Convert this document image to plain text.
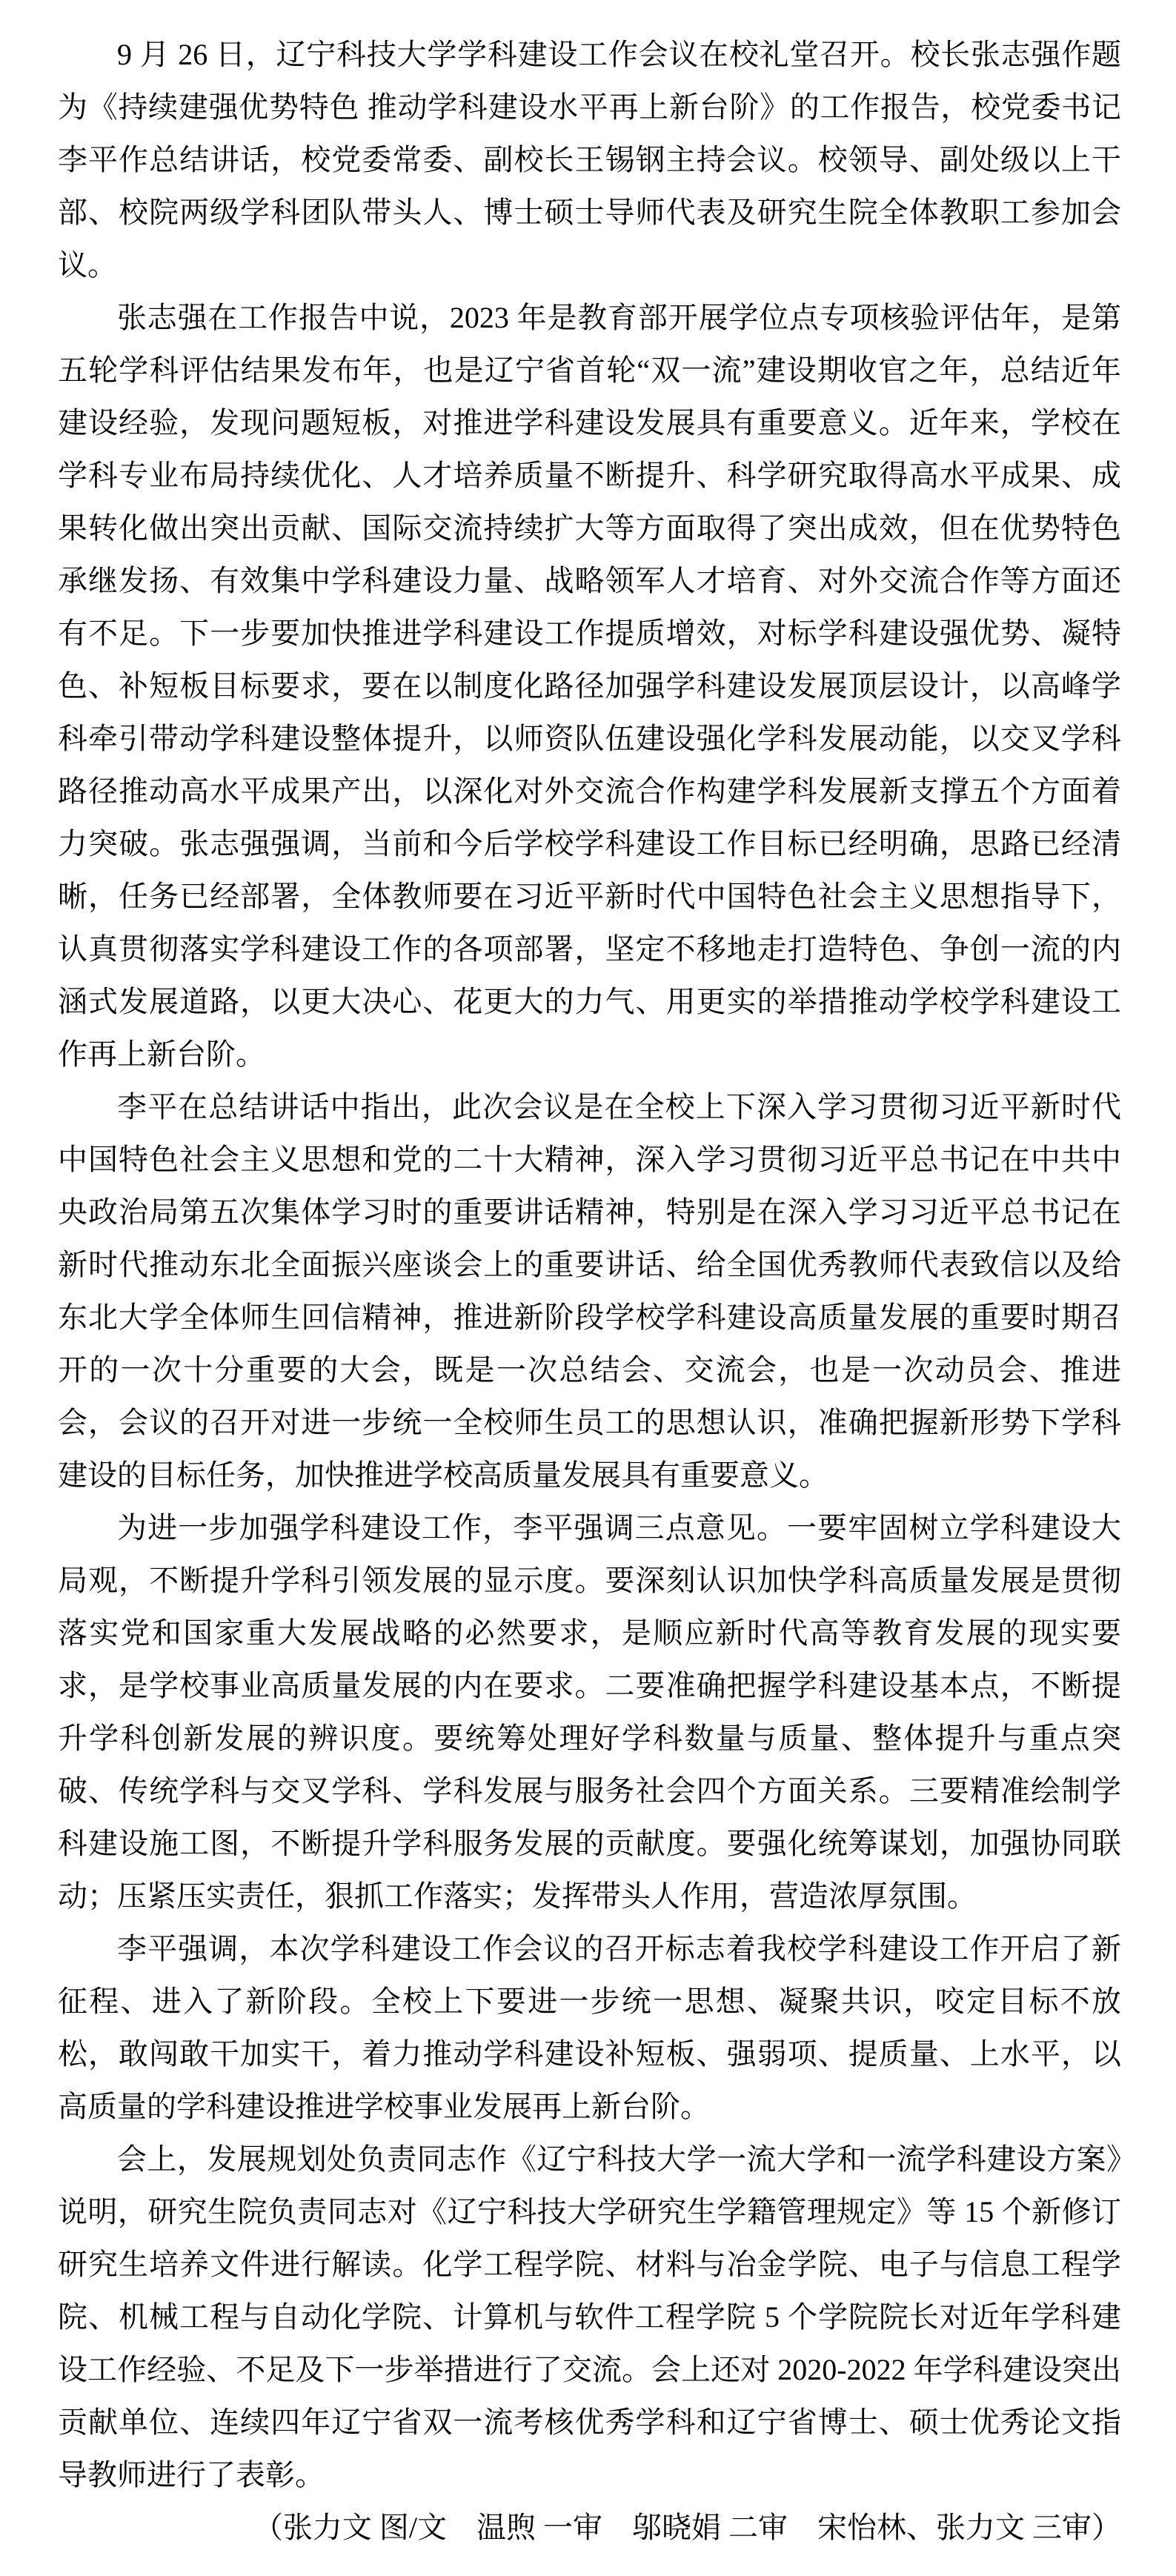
9 月 26 日，辽宁科技大学学科建设工作会议在校礼堂召开。校长张志强作题为《持续建强优势特色 推动学科建设水平再上新台阶》的工作报告，校党委书记李平作总结讲话，校党委常委、副校长王锡钢主持会议。校领导、副处级以上干部、校院两级学科团队带头人、博士硕士导师代表及研究生院全体教职工参加会议。

张志强在工作报告中说，2023 年是教育部开展学位点专项核验评估年，是第五轮学科评估结果发布年，也是辽宁省首轮“双一流”建设期收官之年，总结近年建设经验，发现问题短板，对推进学科建设发展具有重要意义。近年来，学校在学科专业布局持续优化、人才培养质量不断提升、科学研究取得高水平成果、成果转化做出突出贡献、国际交流持续扩大等方面取得了突出成效，但在优势特色承继发扬、有效集中学科建设力量、战略领军人才培育、对外交流合作等方面还有不足。下一步要加快推进学科建设工作提质增效，对标学科建设强优势、凝特色、补短板目标要求，要在以制度化路径加强学科建设发展顶层设计，以高峰学科牵引带动学科建设整体提升，以师资队伍建设强化学科发展动能，以交叉学科路径推动高水平成果产出，以深化对外交流合作构建学科发展新支撑五个方面着力突破。张志强强调，当前和今后学校学科建设工作目标已经明确，思路已经清晰，任务已经部署，全体教师要在习近平新时代中国特色社会主义思想指导下，认真贯彻落实学科建设工作的各项部署，坚定不移地走打造特色、争创一流的内涵式发展道路，以更大决心、花更大的力气、用更实的举措推动学校学科建设工作再上新台阶。

李平在总结讲话中指出，此次会议是在全校上下深入学习贯彻习近平新时代中国特色社会主义思想和党的二十大精神，深入学习贯彻习近平总书记在中共中央政治局第五次集体学习时的重要讲话精神，特别是在深入学习习近平总书记在新时代推动东北全面振兴座谈会上的重要讲话、给全国优秀教师代表致信以及给东北大学全体师生回信精神，推进新阶段学校学科建设高质量发展的重要时期召开的一次十分重要的大会，既是一次总结会、交流会，也是一次动员会、推进会，会议的召开对进一步统一全校师生员工的思想认识，准确把握新形势下学科建设的目标任务，加快推进学校高质量发展具有重要意义。

为进一步加强学科建设工作，李平强调三点意见。一要牢固树立学科建设大局观，不断提升学科引领发展的显示度。要深刻认识加快学科高质量发展是贯彻落实党和国家重大发展战略的必然要求，是顺应新时代高等教育发展的现实要求，是学校事业高质量发展的内在要求。二要准确把握学科建设基本点，不断提升学科创新发展的辨识度。要统筹处理好学科数量与质量、整体提升与重点突破、传统学科与交叉学科、学科发展与服务社会四个方面关系。三要精准绘制学科建设施工图，不断提升学科服务发展的贡献度。要强化统筹谋划，加强协同联动；压紧压实责任，狠抓工作落实；发挥带头人作用，营造浓厚氛围。

李平强调，本次学科建设工作会议的召开标志着我校学科建设工作开启了新征程、进入了新阶段。全校上下要进一步统一思想、凝聚共识，咬定目标不放松，敢闯敢干加实干，着力推动学科建设补短板、强弱项、提质量、上水平，以高质量的学科建设推进学校事业发展再上新台阶。

会上，发展规划处负责同志作《辽宁科技大学一流大学和一流学科建设方案》说明，研究生院负责同志对《辽宁科技大学研究生学籍管理规定》等 15 个新修订研究生培养文件进行解读。化学工程学院、材料与冶金学院、电子与信息工程学院、机械工程与自动化学院、计算机与软件工程学院 5 个学院院长对近年学科建设工作经验、不足及下一步举措进行了交流。会上还对 2020-2022 年学科建设突出贡献单位、连续四年辽宁省双一流考核优秀学科和辽宁省博士、硕士优秀论文指导教师进行了表彰。

（张力文 图/文　温煦 一审　邬晓娟 二审　宋怡林、张力文 三审）
